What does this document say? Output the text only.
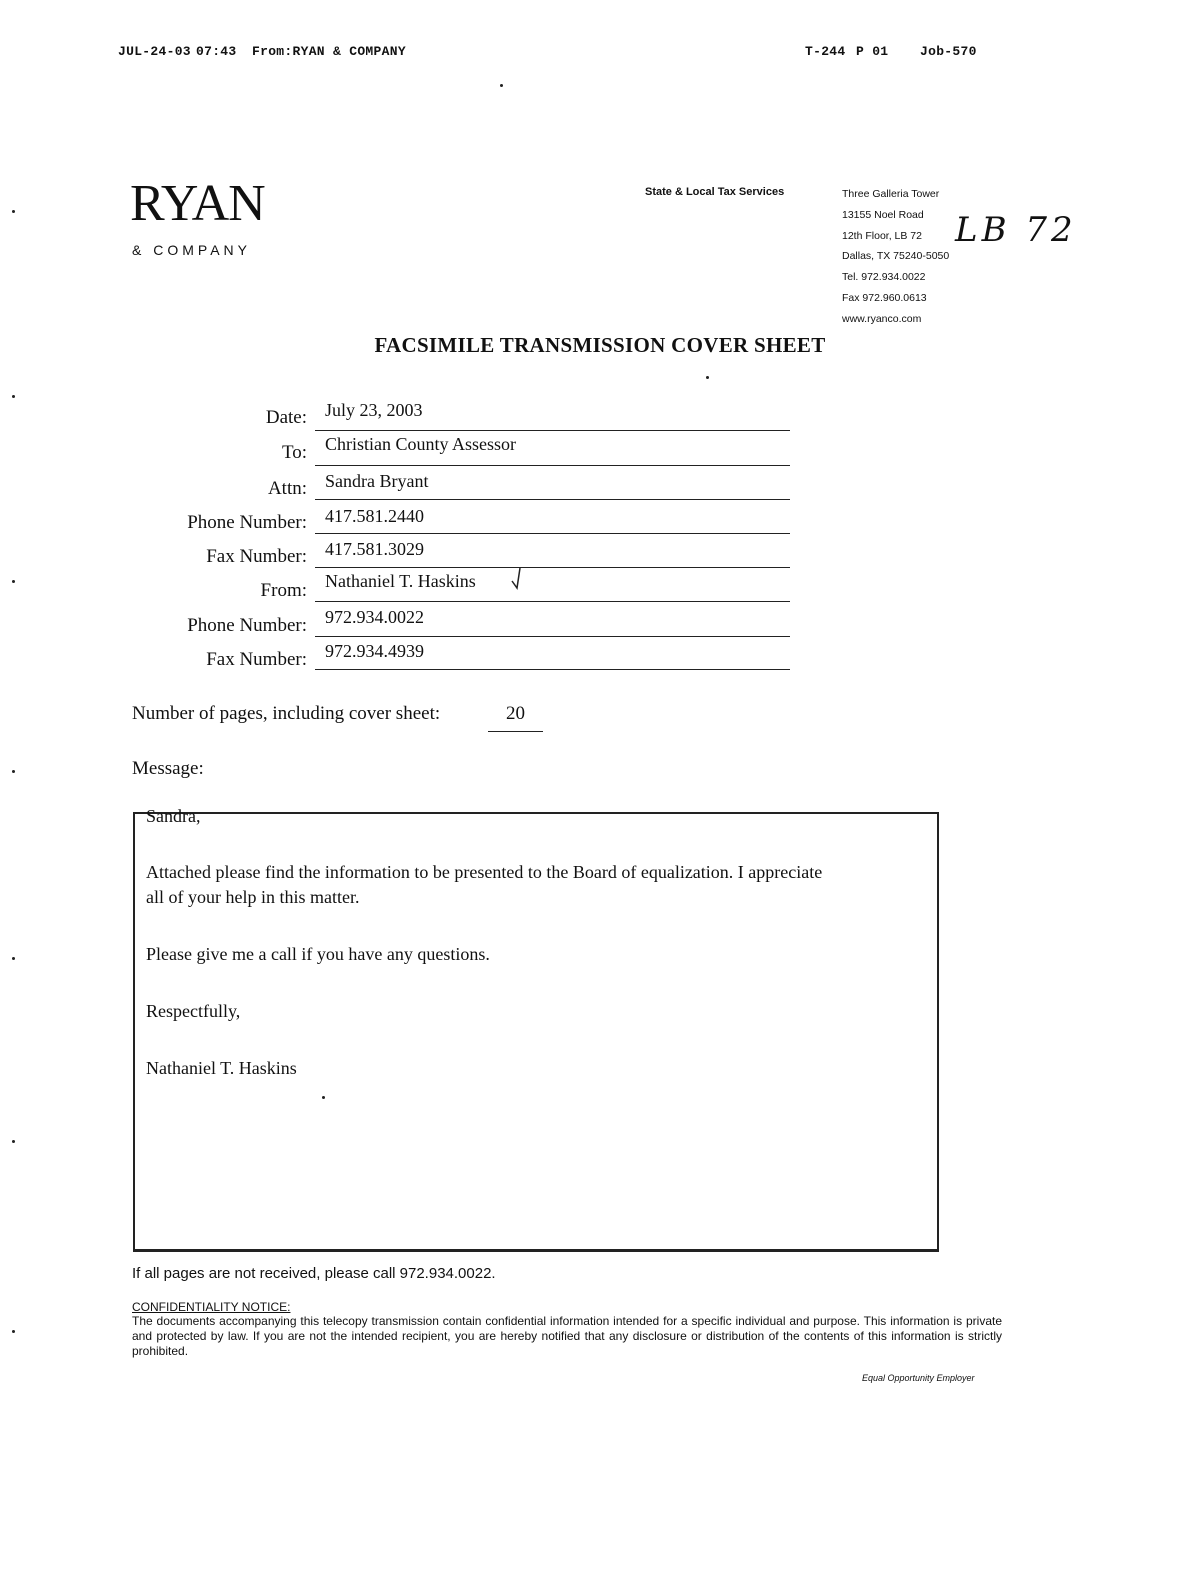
JUL-24-03 07:43 From:RYAN & COMPANY	T-244 P 01 Job-570
RYAN
& COMPANY
State & Local Tax Services	Three Galleria Tower
13155 Noel Road
12th Floor, LB 72
Dallas, TX 75240-5050
Tel. 972.934.0022
Fax 972.960.0613
www.ryanco.com
LB 72
FACSIMILE TRANSMISSION COVER SHEET
Date: July 23, 2003
To: Christian County Assessor
Attn: Sandra Bryant
Phone Number: 417.581.2440
Fax Number: 417.581.3029
From: Nathaniel T. Haskins
Phone Number: 972.934.0022
Fax Number: 972.934.4939
Number of pages, including cover sheet:	20
Message:
Sandra,
Attached please find the information to be presented to the Board of equalization. I appreciate
all of your help in this matter.
Please give me a call if you have any questions.
Respectfully,
Nathaniel T. Haskins
If all pages are not received, please call 972.934.0022.
CONFIDENTIALITY NOTICE:
The documents accompanying this telecopy transmission contain confidential information intended for a specific individual and purpose. This information is private and protected by law. If you are not the intended recipient, you are hereby notified that any disclosure or distribution of the contents of this information is strictly prohibited.
Equal Opportunity Employer
